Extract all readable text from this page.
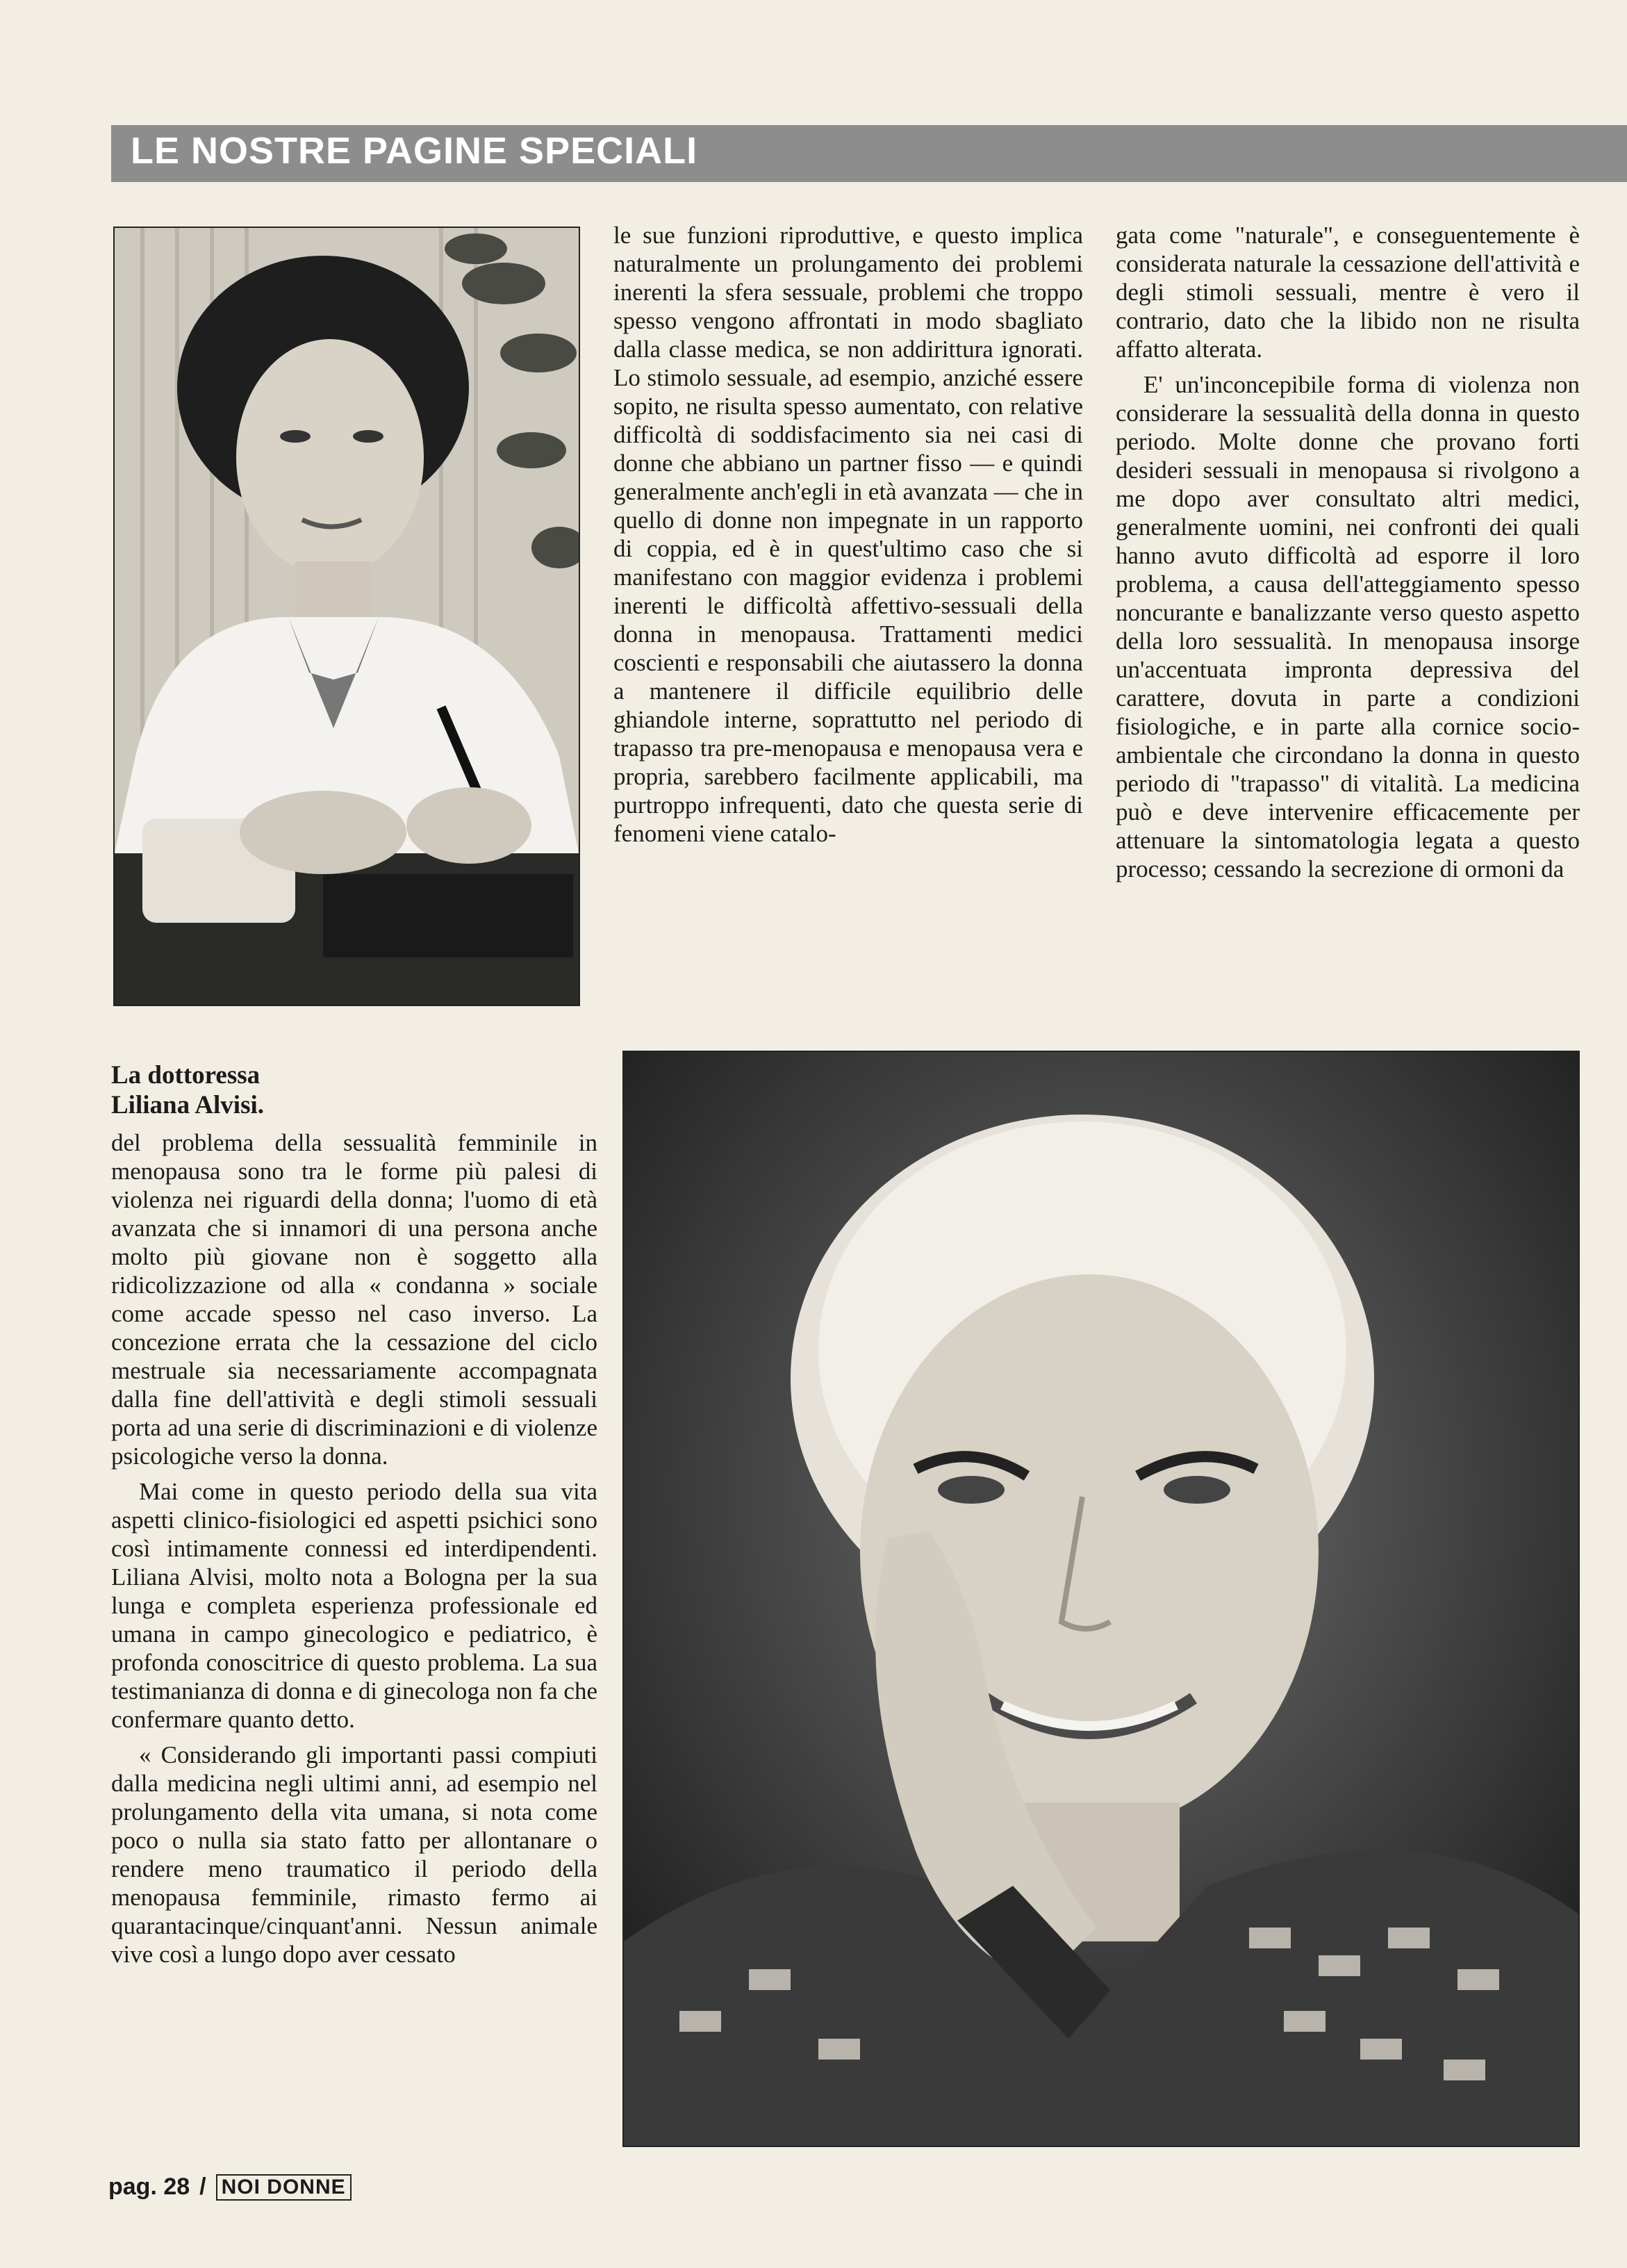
LE NOSTRE PAGINE SPECIALI

le sue funzioni riproduttive, e questo implica naturalmente un prolungamento dei problemi inerenti la sfera sessuale, problemi che troppo spesso vengono affrontati in modo sbagliato dalla classe medica, se non addirittura ignorati. Lo stimolo sessuale, ad esempio, anziché essere sopito, ne risulta spesso aumentato, con relative difficoltà di soddisfacimento sia nei casi di donne che abbiano un partner fisso — e quindi generalmente anch'egli in età avanzata — che in quello di donne non impegnate in un rapporto di coppia, ed è in quest'ultimo caso che si manifestano con maggior evidenza i problemi inerenti le difficoltà affettivo-sessuali della donna in menopausa. Trattamenti medici coscienti e responsabili che aiutassero la donna a mantenere il difficile equilibrio delle ghiandole interne, soprattutto nel periodo di trapasso tra pre-menopausa e menopausa vera e propria, sarebbero facilmente applicabili, ma purtroppo infrequenti, dato che questa serie di fenomeni viene catalo-

gata come "naturale", e conseguentemente è considerata naturale la cessazione dell'attività e degli stimoli sessuali, mentre è vero il contrario, dato che la libido non ne risulta affatto alterata.

E' un'inconcepibile forma di violenza non considerare la sessualità della donna in questo periodo. Molte donne che provano forti desideri sessuali in menopausa si rivolgono a me dopo aver consultato altri medici, generalmente uomini, nei confronti dei quali hanno avuto difficoltà ad esporre il loro problema, a causa dell'atteggiamento spesso noncurante e banalizzante verso questo aspetto della loro sessualità. In menopausa insorge un'accentuata impronta depressiva del carattere, dovuta in parte a condizioni fisiologiche, e in parte alla cornice socio-ambientale che circondano la donna in questo periodo di "trapasso" di vitalità. La medicina può e deve intervenire efficacemente per attenuare la sintomatologia legata a questo processo; cessando la secrezione di ormoni da

La dottoressa
Liliana Alvisi.

del problema della sessualità femminile in menopausa sono tra le forme più palesi di violenza nei riguardi della donna; l'uomo di età avanzata che si innamori di una persona anche molto più giovane non è soggetto alla ridicolizzazione od alla « condanna » sociale come accade spesso nel caso inverso. La concezione errata che la cessazione del ciclo mestruale sia necessariamente accompagnata dalla fine dell'attività e degli stimoli sessuali porta ad una serie di discriminazioni e di violenze psicologiche verso la donna.

Mai come in questo periodo della sua vita aspetti clinico-fisiologici ed aspetti psichici sono così intimamente connessi ed interdipendenti. Liliana Alvisi, molto nota a Bologna per la sua lunga e completa esperienza professionale ed umana in campo ginecologico e pediatrico, è profonda conoscitrice di questo problema. La sua testimanianza di donna e di ginecologa non fa che confermare quanto detto.

« Considerando gli importanti passi compiuti dalla medicina negli ultimi anni, ad esempio nel prolungamento della vita umana, si nota come poco o nulla sia stato fatto per allontanare o rendere meno traumatico il periodo della menopausa femminile, rimasto fermo ai quarantacinque/cinquant'anni. Nessun animale vive così a lungo dopo aver cessato

pag. 28 / NOI DONNE
